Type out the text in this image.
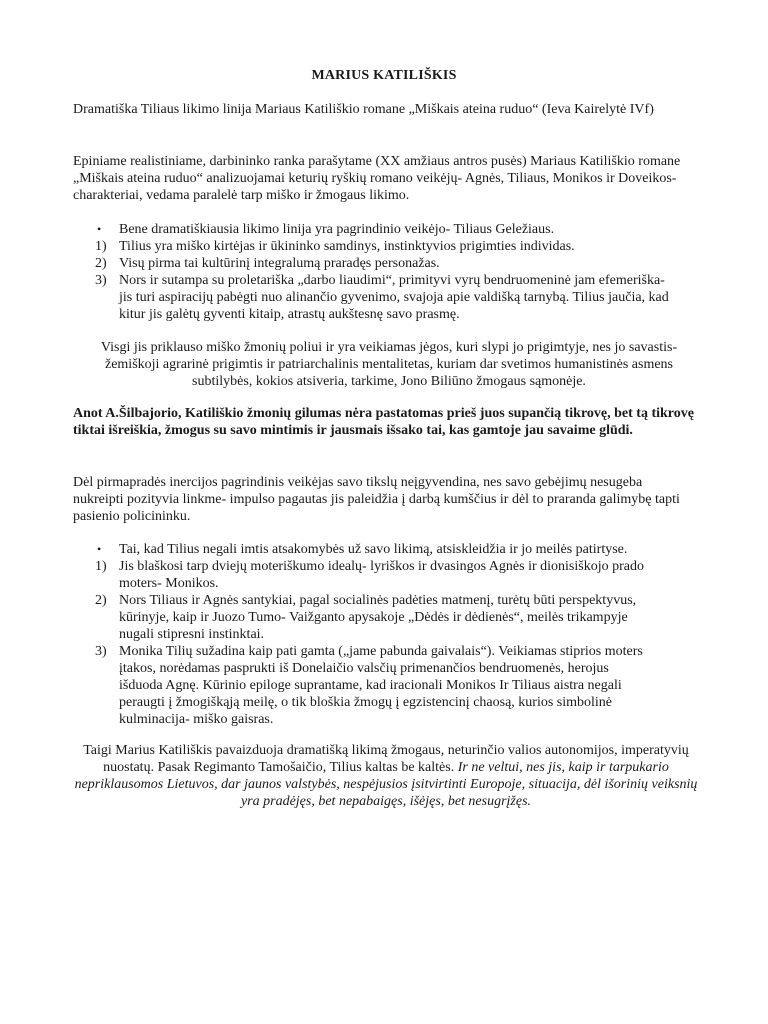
MARIUS KATILIŠKIS
Dramatiška Tiliaus likimo linija Mariaus Katiliškio romane „Miškais ateina ruduo“ (Ieva Kairelytė IVf)
Epiniame realistiniame, darbininko ranka parašytame (XX amžiaus antros pusės) Mariaus Katiliškio romane „Miškais ateina ruduo“ analizuojamai keturių ryškių romano veikėjų- Agnės, Tiliaus, Monikos ir Doveikos- charakteriai, vedama paralelė tarp miško ir žmogaus likimo.
• Bene dramatiškiausia likimo linija yra pagrindinio veikėjo- Tiliaus Geležiaus.
1) Tilius yra miško kirtėjas ir ūkininko samdinys, instinktyvios prigimties individas.
2) Visų pirma tai kultūrinį integralumą praradęs personažas.
3) Nors ir sutampa su proletariška „darbo liaudimi“, primityvi vyrų bendruomeninė jam efemeriška- jis turi aspiracijų pabėgti nuo alinančio gyvenimo, svajoja apie valdišką tarnybą. Tilius jaučia, kad kitur jis galėtų gyventi kitaip, atrastų aukštesnę savo prasmę.
Visgi jis priklauso miško žmonių poliui ir yra veikiamas jėgos, kuri slypi jo prigimtyje, nes jo savastis- žemiškoji agrarinė prigimtis ir patriarchalinis mentalitetas, kuriam dar svetimos humanistinės asmens subtilybės, kokios atsiveria, tarkime, Jono Biliūno žmogaus sąmonėje.
Anot A.Šilbajorio, Katiliškio žmonių gilumas nėra pastatomas prieš juos supančią tikrovę, bet tą tikrovę tiktai išreiškia, žmogus su savo mintimis ir jausmais išsako tai, kas gamtoje jau savaime glūdi.
Dėl pirmapradės inercijos pagrindinis veikėjas savo tikslų neįgyvendina, nes savo gebėjimų nesugeba nukreipti pozityvia linkme- impulso pagautas jis paleidžia į darbą kumščius ir dėl to praranda galimybę tapti pasienio policininku.
• Tai, kad Tilius negali imtis atsakomybės už savo likimą, atsiskleidžia ir jo meilės patirtyse.
1) Jis blaškosi tarp dviejų moteriškumo idealų- lyriškos ir dvasingos Agnės ir dionisiškojo prado moters- Monikos.
2) Nors Tiliaus ir Agnės santykiai, pagal socialinės padėties matmenį, turėtų būti perspektyvus, kūrinyje, kaip ir Juozo Tumo- Vaižganto apysakoje „Dėdės ir dėdienės“, meilės trikampyje nugali stipresni instinktai.
3) Monika Tilių sužadina kaip pati gamta („jame pabunda gaivalais“). Veikiamas stiprios moters įtakos, norėdamas pasprukti iš Donelaičio valsčių primenančios bendruomenės, herojus išduoda Agnę. Kūrinio epiloge suprantame, kad iracionali Monikos Ir Tiliaus aistra negali peraugti į žmogiškąją meilę, o tik bloškia žmogų į egzistencinį chaosą, kurios simbolinė kulminacija- miško gaisras.
Taigi Marius Katiliškis pavaizduoja dramatišką likimą žmogaus, neturinčio valios autonomijos, imperatyvių nuostatų. Pasak Regimanto Tamošaičio, Tilius kaltas be kaltės. Ir ne veltui, nes jis, kaip ir tarpukario nepriklausomos Lietuvos, dar jaunos valstybės, nespėjusios įsitvirtinti Europoje, situacija, dėl išorinių veiksnių yra pradėjęs, bet nepabaigęs, išėjęs, bet nesugrįžęs.
